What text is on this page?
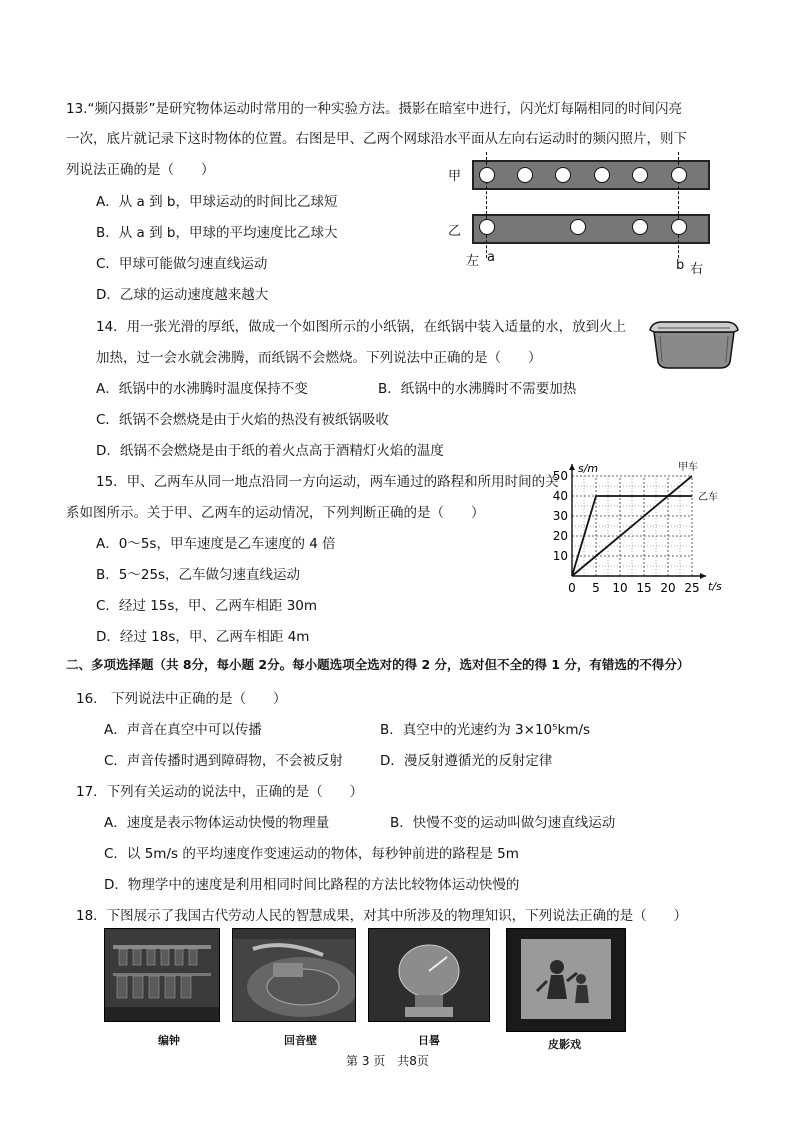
13.“频闪摄影”是研究物体运动时常用的一种实验方法。摄影在暗室中进行，闪光灯每隔相同的时间闪亮
一次，底片就记录下这时物体的位置。右图是甲、乙两个网球沿水平面从左向右运动时的频闪照片，则下
列说法正确的是（　　）
A．从 a 到 b，甲球运动的时间比乙球短
B．从 a 到 b，甲球的平均速度比乙球大
C．甲球可能做匀速直线运动
D．乙球的运动速度越来越大
甲
乙
左 a
b 右
14．用一张光滑的厚纸，做成一个如图所示的小纸锅，在纸锅中装入适量的水，放到火上
加热，过一会水就会沸腾，而纸锅不会燃烧。下列说法中正确的是（　　）
A．纸锅中的水沸腾时温度保持不变	B．纸锅中的水沸腾时不需要加热
C．纸锅不会燃烧是由于火焰的热没有被纸锅吸收
D．纸锅不会燃烧是由于纸的着火点高于酒精灯火焰的温度
15．甲、乙两车从同一地点沿同一方向运动，两车通过的路程和所用时间的关
系如图所示。关于甲、乙两车的运动情况，下列判断正确的是（　　）
A．0～5s，甲车速度是乙车速度的 4 倍
B．5～25s，乙车做匀速直线运动
C．经过 15s，甲、乙两车相距 30m
D．经过 18s，甲、乙两车相距 4m
0 5 10 15 20 25
10
20
30
40
50
s/m
t/s
甲车
乙车
二、多项选择题（共 8分，每小题 2分。每小题选项全选对的得 2 分，选对但不全的得 1 分，有错选的不得分）
16.　下列说法中正确的是（　　）
A．声音在真空中可以传播	B．真空中的光速约为 3×10⁵km/s
C．声音传播时遇到障碍物，不会被反射	D．漫反射遵循光的反射定律
17．下列有关运动的说法中，正确的是（　　）
A．速度是表示物体运动快慢的物理量	B．快慢不变的运动叫做匀速直线运动
C．以 5m/s 的平均速度作变速运动的物体，每秒钟前进的路程是 5m
D．物理学中的速度是利用相同时间比路程的方法比较物体运动快慢的
18．下图展示了我国古代劳动人民的智慧成果，对其中所涉及的物理知识，下列说法正确的是（　　）
编钟	回音壁	日晷	皮影戏
第 3 页　共8页
